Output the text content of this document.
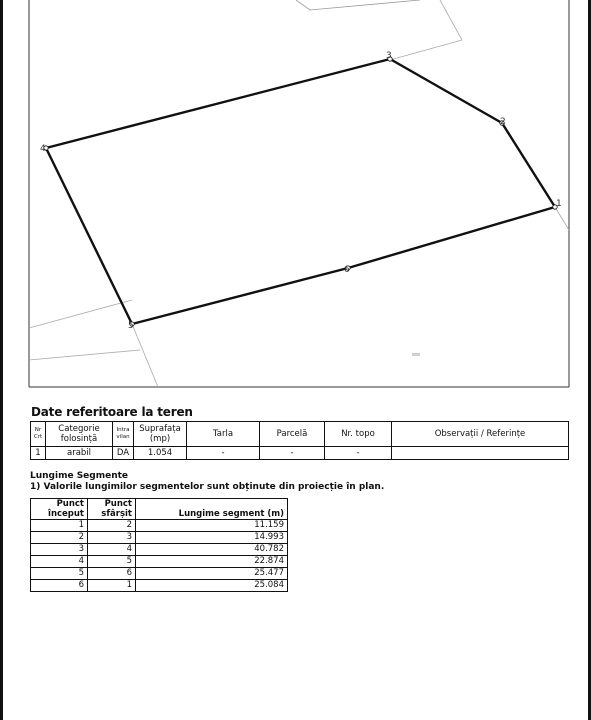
1
2
3
4
5
6
Date referitoare la teren
Nr Crt	Categorie folosință	Intra vilan	Suprafața (mp)	Tarla	Parcelă	Nr. topo	Observații / Referințe
1	arabil	DA	1.054	-	-	-	
Lungime Segmente
1) Valorile lungimilor segmentelor sunt obținute din proiecție în plan.
Punct început	Punct sfârșit	Lungime segment (m)
1	2	11.159
2	3	14.993
3	4	40.782
4	5	22.874
5	6	25.477
6	1	25.084
